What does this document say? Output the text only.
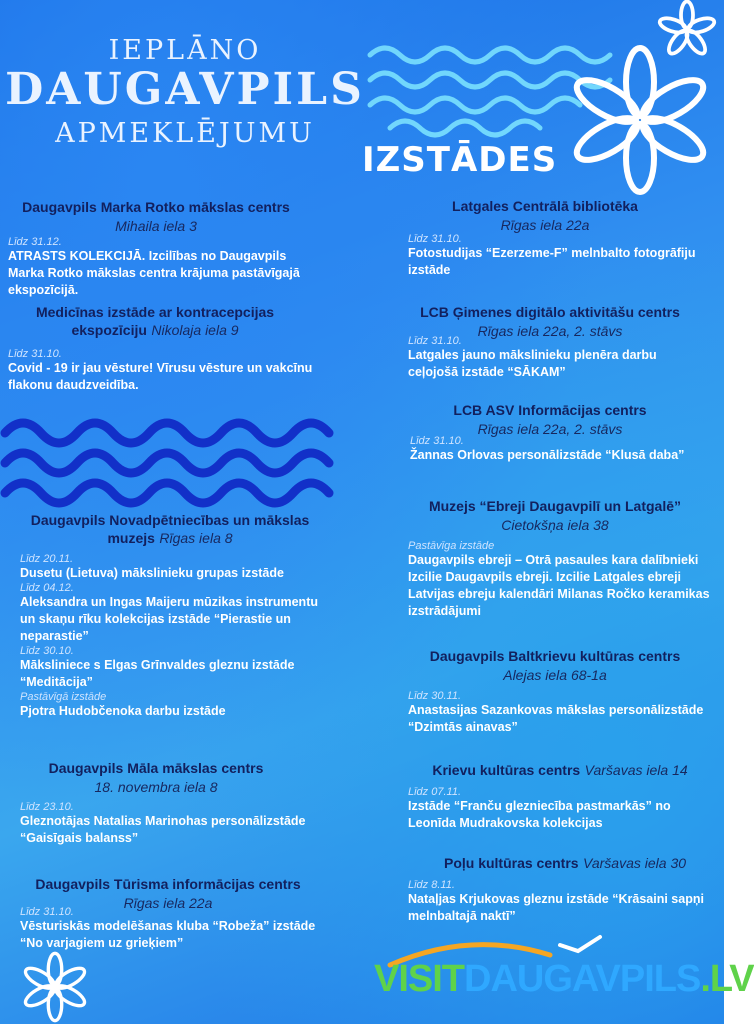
IEPLĀNO
DAUGAVPILS
APMEKLĒJUMU
IZSTĀDES
Daugavpils Marka Rotko mākslas centrs
Mihaila iela 3
Līdz 31.12.
ATRASTS KOLEKCIJĀ. Izcilības no Daugavpils Marka Rotko mākslas centra krājuma pastāvīgajā ekspozīcijā.
Medicīnas izstāde ar kontracepcijas ekspozīciju Nikolaja iela 9
Līdz 31.10.
Covid - 19 ir jau vēsture! Vīrusu vēsture un vakcīnu flakonu daudzveidība.
Daugavpils Novadpētniecības un mākslas muzejs Rīgas iela 8
Līdz 20.11.
Dusetu (Lietuva) mākslinieku grupas izstāde
Līdz 04.12.
Aleksandra un Ingas Maijeru mūzikas instrumentu un skaņu rīku kolekcijas izstāde “Pierastie un neparastie”
Līdz 30.10.
Māksliniece s Elgas Grīnvaldes gleznu izstāde “Meditācija”
Pastāvīgā izstāde
Pjotra Hudobčenoka darbu izstāde
Daugavpils Māla mākslas centrs
18. novembra iela 8
Līdz 23.10.
Gleznotājas Natalias Marinohas personālizstāde “Gaisīgais balanss”
Daugavpils Tūrisma informācijas centrs
Rīgas iela 22a
Līdz 31.10.
Vēsturiskās modelēšanas kluba “Robeža” izstāde “No varjagiem uz grieķiem”
Latgales Centrālā bibliotēka
Rīgas iela 22a
Līdz 31.10.
Fotostudijas “Ezerzeme-F” melnbalto fotogrāfiju izstāde
LCB Ģimenes digitālo aktivitāšu centrs
Rīgas iela 22a, 2. stāvs
Līdz 31.10.
Latgales jauno mākslinieku plenēra darbu ceļojošā izstāde “SĀKAM”
LCB ASV Informācijas centrs
Rīgas iela 22a, 2. stāvs
Līdz 31.10.
Žannas Orlovas personālizstāde “Klusā daba”
Muzejs “Ebreji Daugavpilī un Latgalē”
Cietokšņa iela 38
Pastāvīga izstāde
Daugavpils ebreji – Otrā pasaules kara dalībnieki Izcilie Daugavpils ebreji. Izcilie Latgales ebreji Latvijas ebreju kalendāri Milanas Ročko keramikas izstrādājumi
Daugavpils Baltkrievu kultūras centrs
Alejas iela 68-1a
Līdz 30.11.
Anastasijas Sazankovas mākslas personālizstāde “Dzimtās ainavas”
Krievu kultūras centrs Varšavas iela 14
Līdz 07.11.
Izstāde “Franču glezniecība pastmarkās” no Leonīda Mudrakovska kolekcijas
Poļu kultūras centrs Varšavas iela 30
Līdz 8.11.
Nataļjas Krjukovas gleznu izstāde “Krāsaini sapņi melnbaltajā naktī”
VISITDAUGAVPILS.LV
